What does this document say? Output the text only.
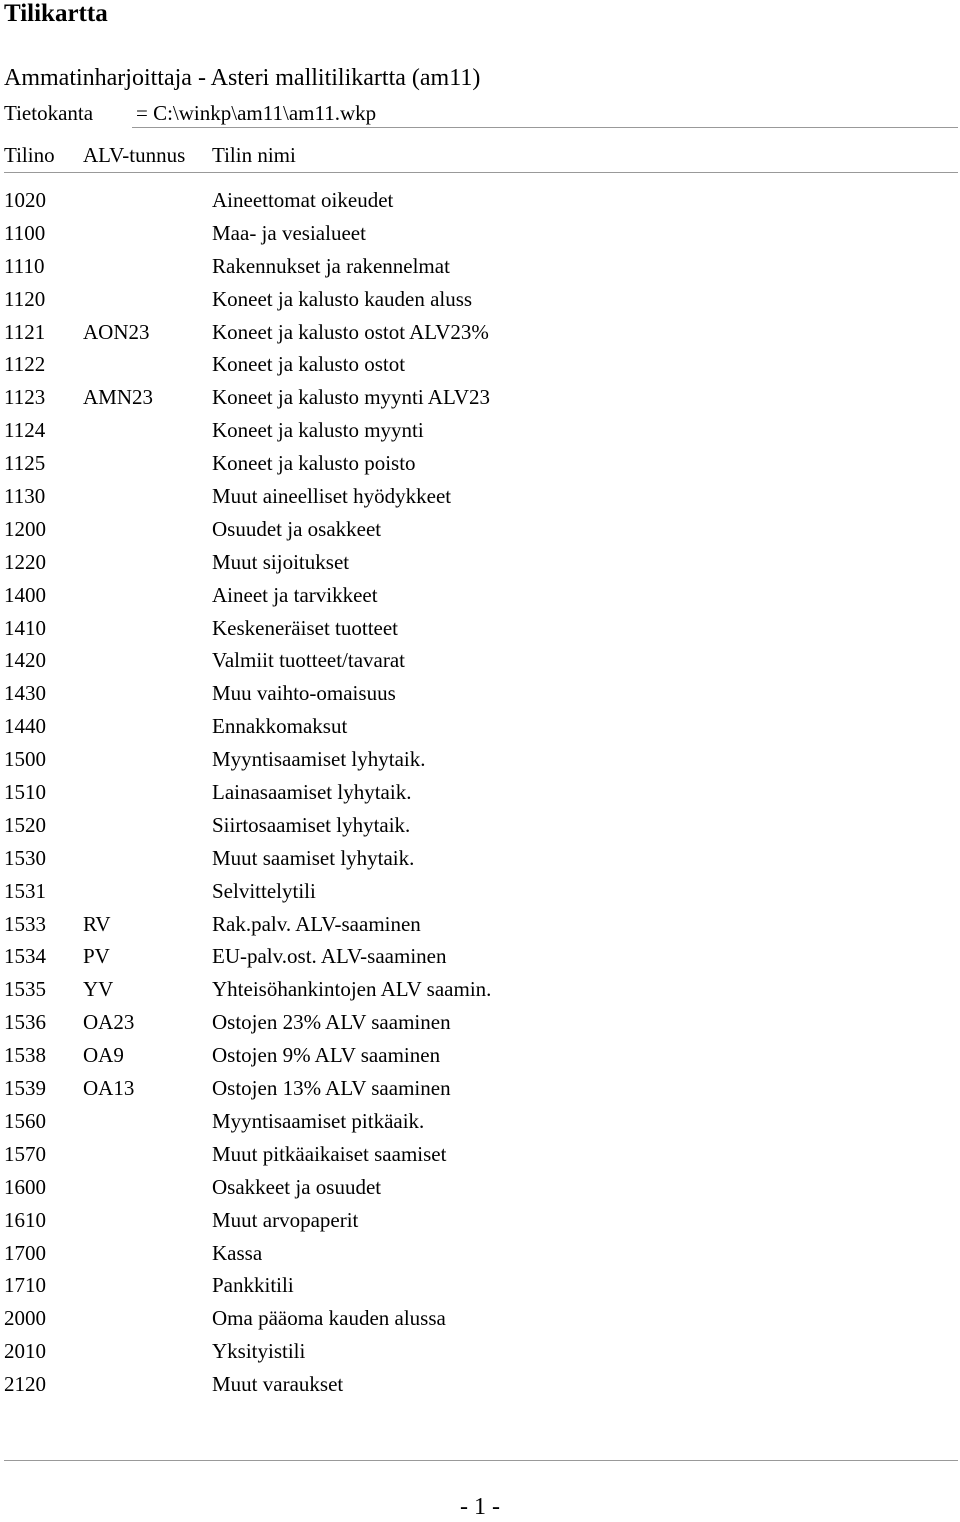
Tilikartta
Ammatinharjoittaja - Asteri mallitilikartta (am11)
Tietokanta = C:\winkp\am11\am11.wkp
Tilino ALV-tunnus Tilin nimi
1020	Aineettomat oikeudet
1100	Maa- ja vesialueet
1110	Rakennukset ja rakennelmat
1120	Koneet ja kalusto kauden aluss
1121 AON23	Koneet ja kalusto ostot ALV23%
1122	Koneet ja kalusto ostot
1123 AMN23	Koneet ja kalusto myynti ALV23
1124	Koneet ja kalusto myynti
1125	Koneet ja kalusto poisto
1130	Muut aineelliset hyödykkeet
1200	Osuudet ja osakkeet
1220	Muut sijoitukset
1400	Aineet ja tarvikkeet
1410	Keskeneräiset tuotteet
1420	Valmiit tuotteet/tavarat
1430	Muu vaihto-omaisuus
1440	Ennakkomaksut
1500	Myyntisaamiset lyhytaik.
1510	Lainasaamiset lyhytaik.
1520	Siirtosaamiset lyhytaik.
1530	Muut saamiset lyhytaik.
1531	Selvittelytili
1533 RV	Rak.palv. ALV-saaminen
1534 PV	EU-palv.ost. ALV-saaminen
1535 YV	Yhteisöhankintojen ALV saamin.
1536 OA23	Ostojen 23% ALV saaminen
1538 OA9	Ostojen 9% ALV saaminen
1539 OA13	Ostojen 13% ALV saaminen
1560	Myyntisaamiset pitkäaik.
1570	Muut pitkäaikaiset saamiset
1600	Osakkeet ja osuudet
1610	Muut arvopaperit
1700	Kassa
1710	Pankkitili
2000	Oma pääoma kauden alussa
2010	Yksityistili
2120	Muut varaukset
- 1 -
